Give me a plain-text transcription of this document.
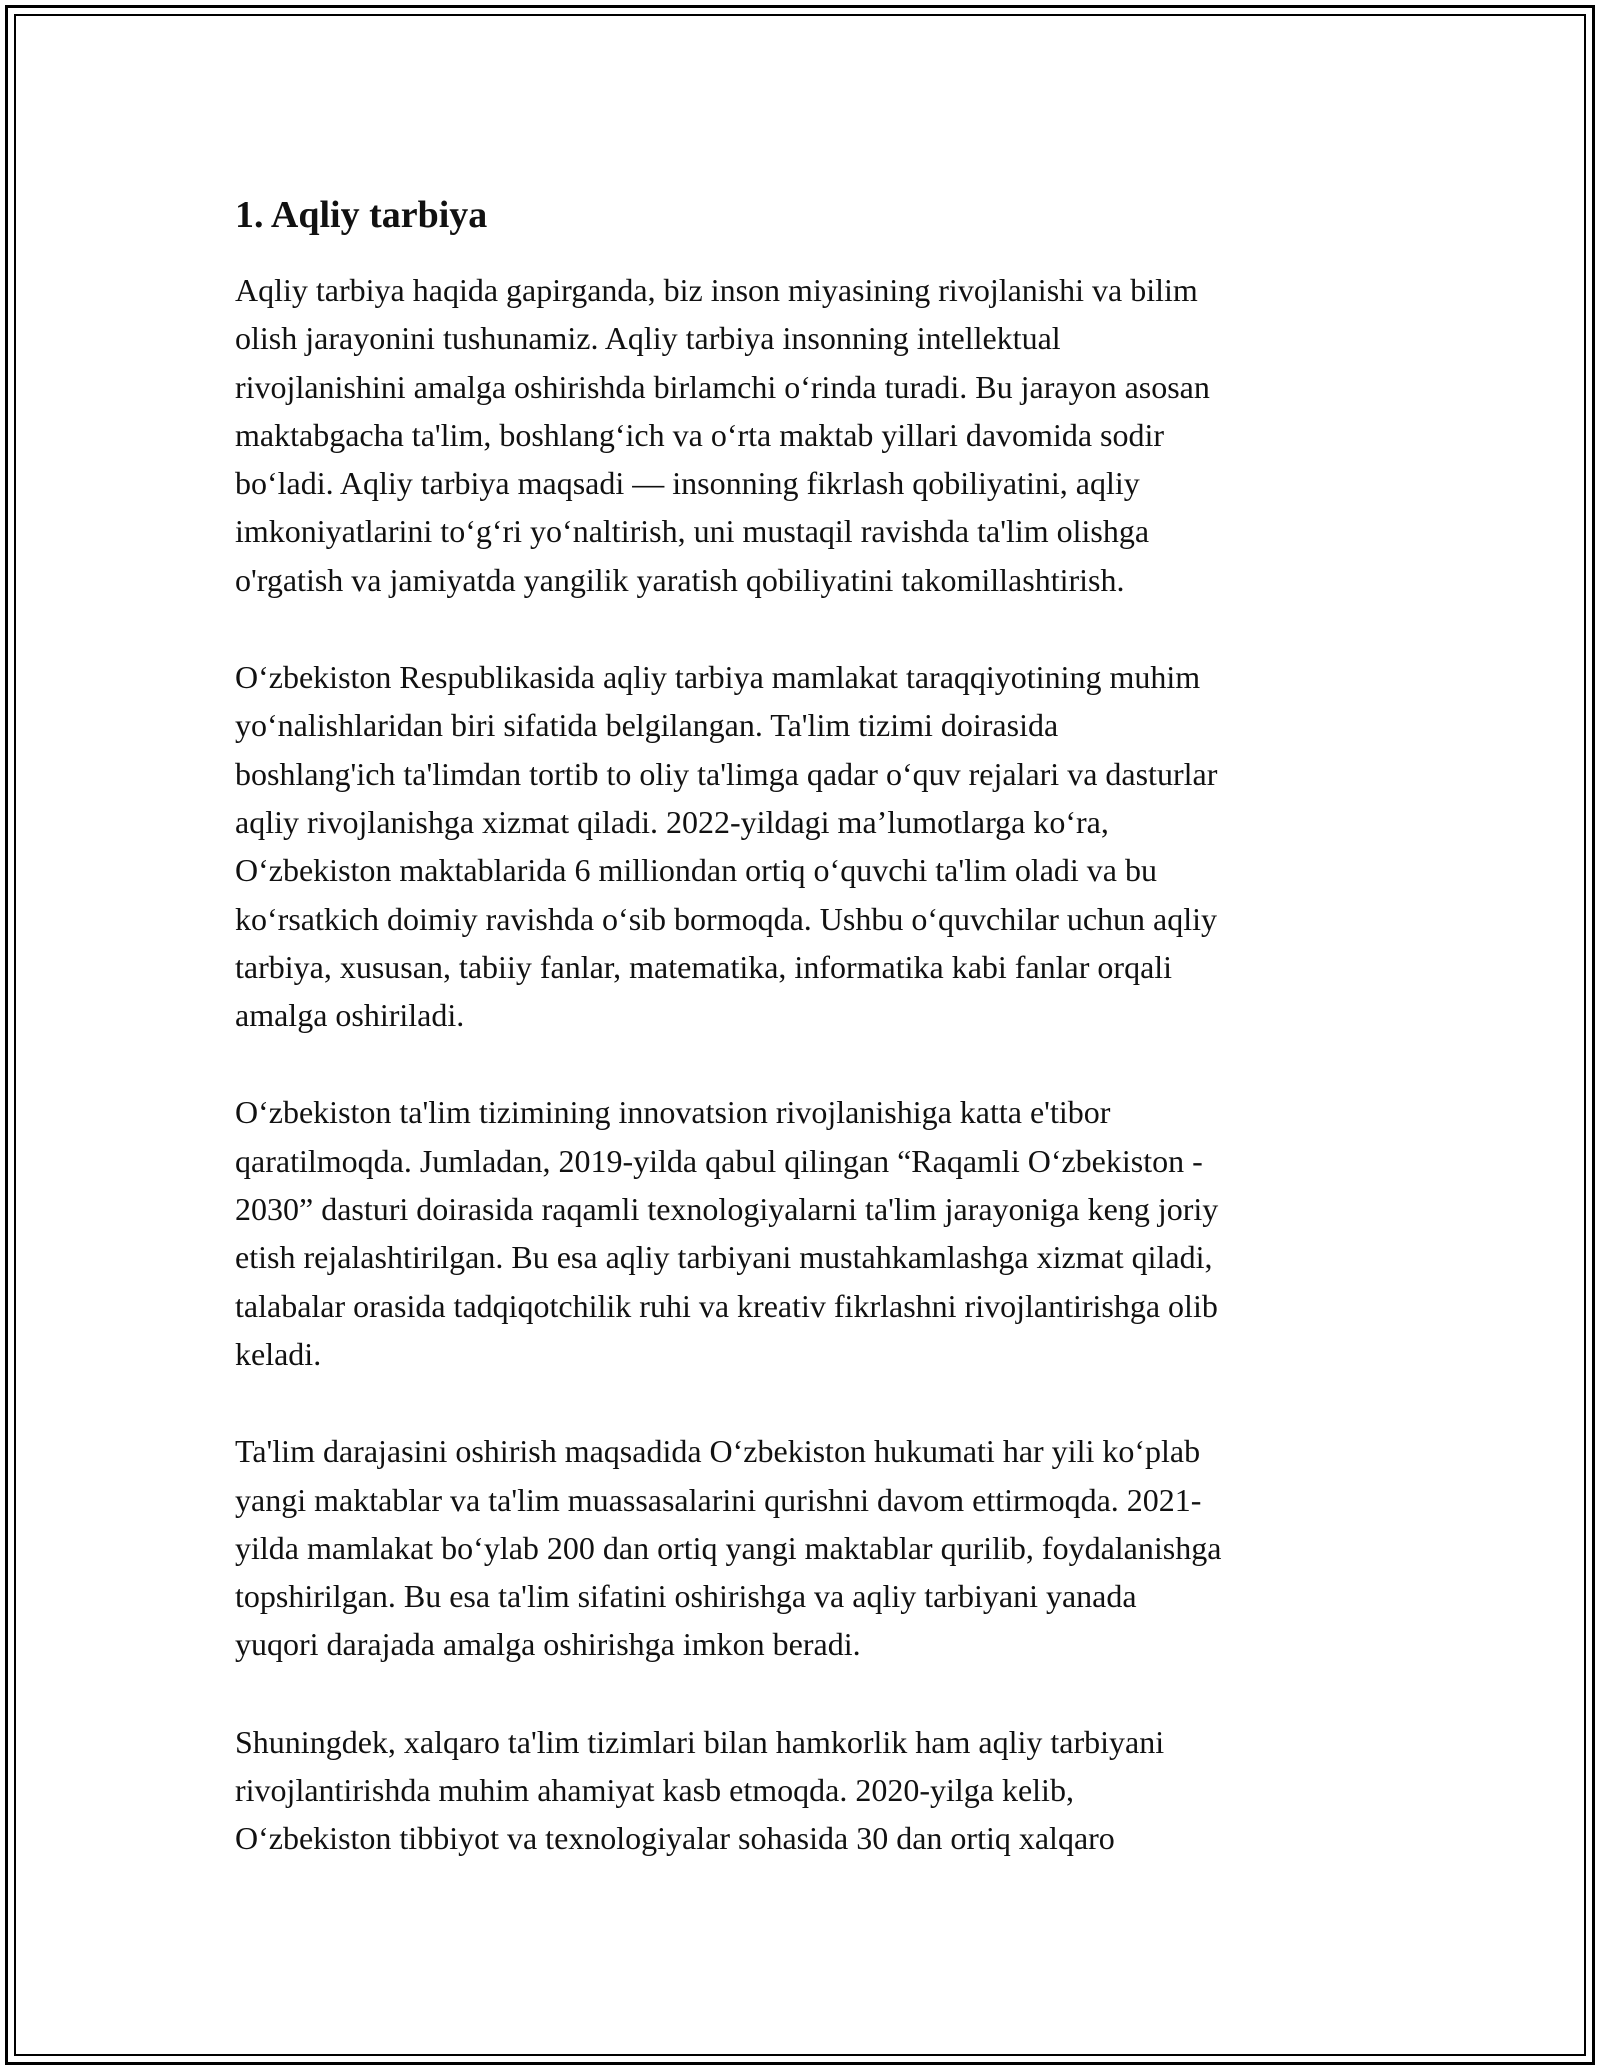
1. Aqliy tarbiya

Aqliy tarbiya haqida gapirganda, biz inson miyasining rivojlanishi va bilim
olish jarayonini tushunamiz. Aqliy tarbiya insonning intellektual
rivojlanishini amalga oshirishda birlamchi oʻrinda turadi. Bu jarayon asosan
maktabgacha ta'lim, boshlangʻich va oʻrta maktab yillari davomida sodir
boʻladi. Aqliy tarbiya maqsadi — insonning fikrlash qobiliyatini, aqliy
imkoniyatlarini toʻgʻri yoʻnaltirish, uni mustaqil ravishda ta'lim olishga
o'rgatish va jamiyatda yangilik yaratish qobiliyatini takomillashtirish.

Oʻzbekiston Respublikasida aqliy tarbiya mamlakat taraqqiyotining muhim
yoʻnalishlaridan biri sifatida belgilangan. Ta'lim tizimi doirasida
boshlang'ich ta'limdan tortib to oliy ta'limga qadar oʻquv rejalari va dasturlar
aqliy rivojlanishga xizmat qiladi. 2022-yildagi ma’lumotlarga koʻra,
Oʻzbekiston maktablarida 6 milliondan ortiq oʻquvchi ta'lim oladi va bu
koʻrsatkich doimiy ravishda oʻsib bormoqda. Ushbu oʻquvchilar uchun aqliy
tarbiya, xususan, tabiiy fanlar, matematika, informatika kabi fanlar orqali
amalga oshiriladi.

Oʻzbekiston ta'lim tizimining innovatsion rivojlanishiga katta e'tibor
qaratilmoqda. Jumladan, 2019-yilda qabul qilingan “Raqamli Oʻzbekiston -
2030” dasturi doirasida raqamli texnologiyalarni ta'lim jarayoniga keng joriy
etish rejalashtirilgan. Bu esa aqliy tarbiyani mustahkamlashga xizmat qiladi,
talabalar orasida tadqiqotchilik ruhi va kreativ fikrlashni rivojlantirishga olib
keladi.

Ta'lim darajasini oshirish maqsadida Oʻzbekiston hukumati har yili koʻplab
yangi maktablar va ta'lim muassasalarini qurishni davom ettirmoqda. 2021-
yilda mamlakat boʻylab 200 dan ortiq yangi maktablar qurilib, foydalanishga
topshirilgan. Bu esa ta'lim sifatini oshirishga va aqliy tarbiyani yanada
yuqori darajada amalga oshirishga imkon beradi.

Shuningdek, xalqaro ta'lim tizimlari bilan hamkorlik ham aqliy tarbiyani
rivojlantirishda muhim ahamiyat kasb etmoqda. 2020-yilga kelib,
Oʻzbekiston tibbiyot va texnologiyalar sohasida 30 dan ortiq xalqaro
